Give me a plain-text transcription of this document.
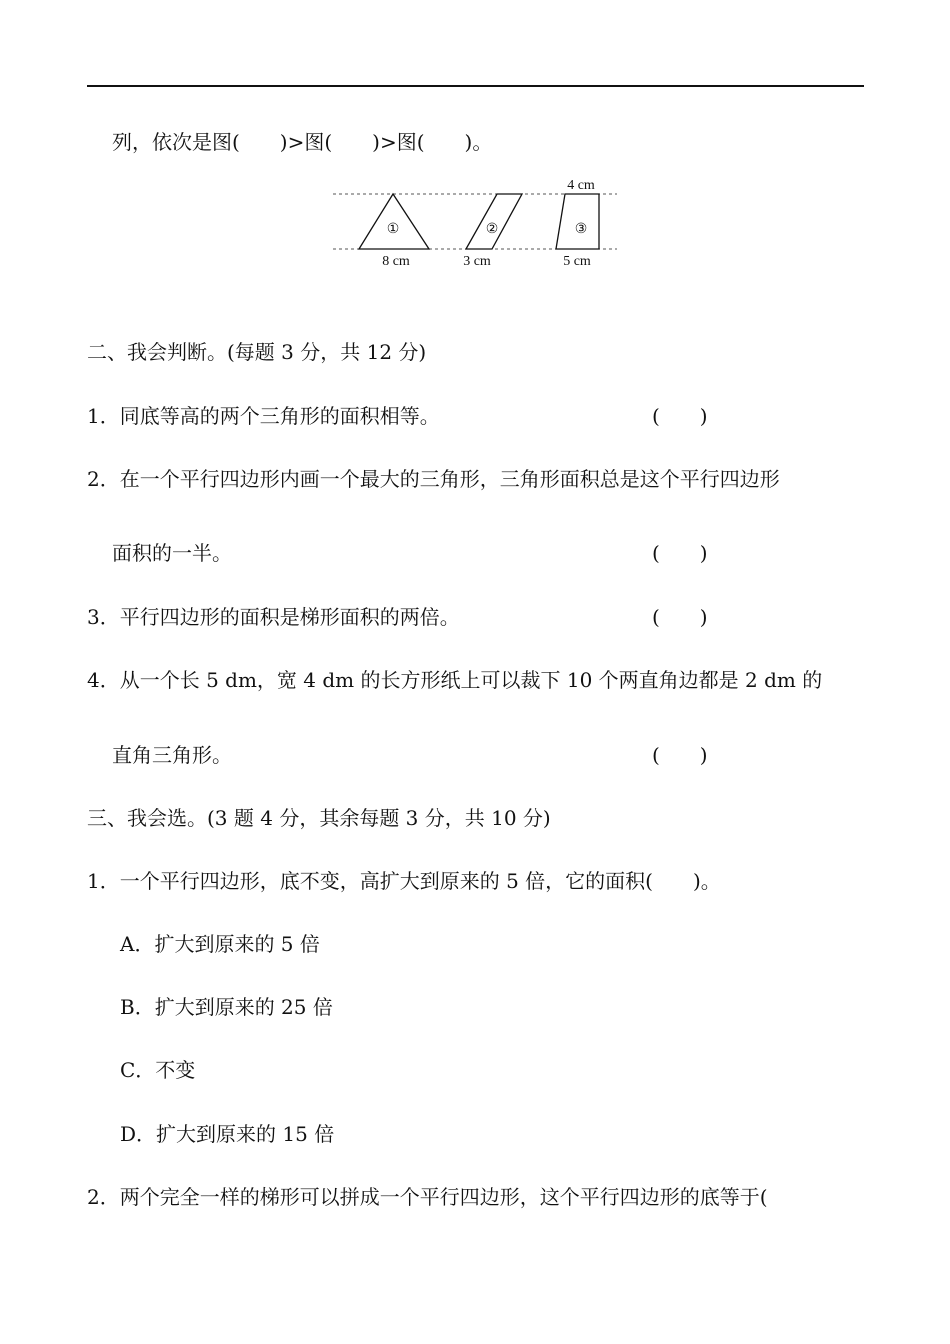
列，依次是图(　　)>图(　　)>图(　　)。
①	②	③
4 cm
8 cm	3 cm	5 cm
二、我会判断。(每题 3 分，共 12 分)
1．同底等高的两个三角形的面积相等。	(　　)
2．在一个平行四边形内画一个最大的三角形，三角形面积总是这个平行四边形
面积的一半。	(　　)
3．平行四边形的面积是梯形面积的两倍。	(　　)
4．从一个长 5 dm，宽 4 dm 的长方形纸上可以裁下 10 个两直角边都是 2 dm 的
直角三角形。	(　　)
三、我会选。(3 题 4 分，其余每题 3 分，共 10 分)
1．一个平行四边形，底不变，高扩大到原来的 5 倍，它的面积(　　)。
A．扩大到原来的 5 倍
B．扩大到原来的 25 倍
C．不变
D．扩大到原来的 15 倍
2．两个完全一样的梯形可以拼成一个平行四边形，这个平行四边形的底等于(
